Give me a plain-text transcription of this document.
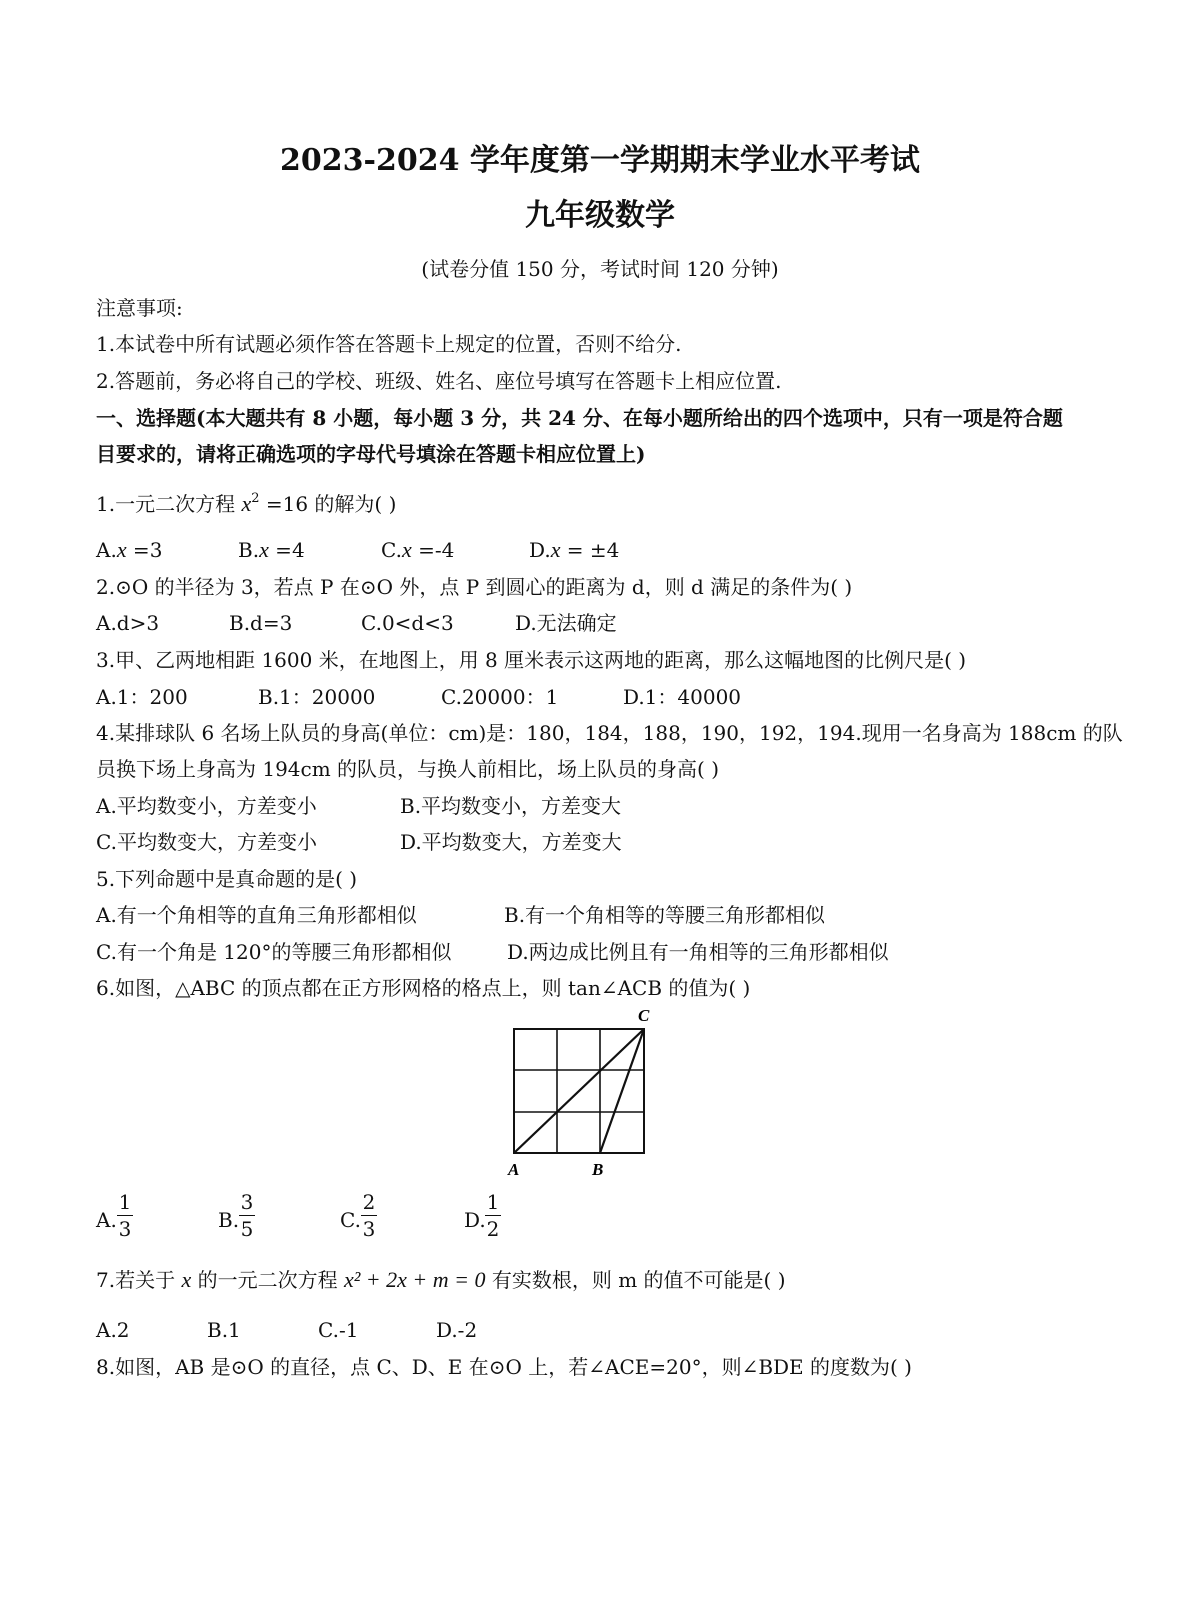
2023-2024 学年度第一学期期末学业水平考试
九年级数学
(试卷分值 150 分，考试时间 120 分钟)
注意事项:
1.本试卷中所有试题必须作答在答题卡上规定的位置，否则不给分.
2.答题前，务必将自己的学校、班级、姓名、座位号填写在答题卡上相应位置.
一、选择题(本大题共有 8 小题，每小题 3 分，共 24 分、在每小题所给出的四个选项中，只有一项是符合题
目要求的，请将正确选项的字母代号填涂在答题卡相应位置上)
1.一元二次方程 $x^2 =16$ 的解为( )
A.x =3	B.x =4	C.x =-4	D.x = ±4
2.⊙O 的半径为 3，若点 P 在⊙O 外，点 P 到圆心的距离为 d，则 d 满足的条件为( )
A.d>3	B.d=3	C.0<d<3	D.无法确定
3.甲、乙两地相距 1600 米，在地图上，用 8 厘米表示这两地的距离，那么这幅地图的比例尺是( )
A.1：200	B.1：20000	C.20000：1	D.1：40000
4.某排球队 6 名场上队员的身高(单位：cm)是：180，184，188，190，192，194.现用一名身高为 188cm 的队
员换下场上身高为 194cm 的队员，与换人前相比，场上队员的身高( )
A.平均数变小，方差变小	B.平均数变小，方差变大
C.平均数变大，方差变小	D.平均数变大，方差变大
5.下列命题中是真命题的是( )
A.有一个角相等的直角三角形都相似	B.有一个角相等的等腰三角形都相似
C.有一个角是 120°的等腰三角形都相似	D.两边成比例且有一角相等的三角形都相似
6.如图，△ABC 的顶点都在正方形网格的格点上，则 tan∠ACB 的值为( )
A	B
C
A.
1
3	B.
3
5	C.
2
3	D.
1
2
7.若关于 x 的一元二次方程 x² + 2x + m = 0 有实数根，则 m 的值不可能是( )
A.2	B.1	C.-1	D.-2
8.如图，AB 是⊙O 的直径，点 C、D、E 在⊙O 上，若∠ACE=20°，则∠BDE 的度数为( )
